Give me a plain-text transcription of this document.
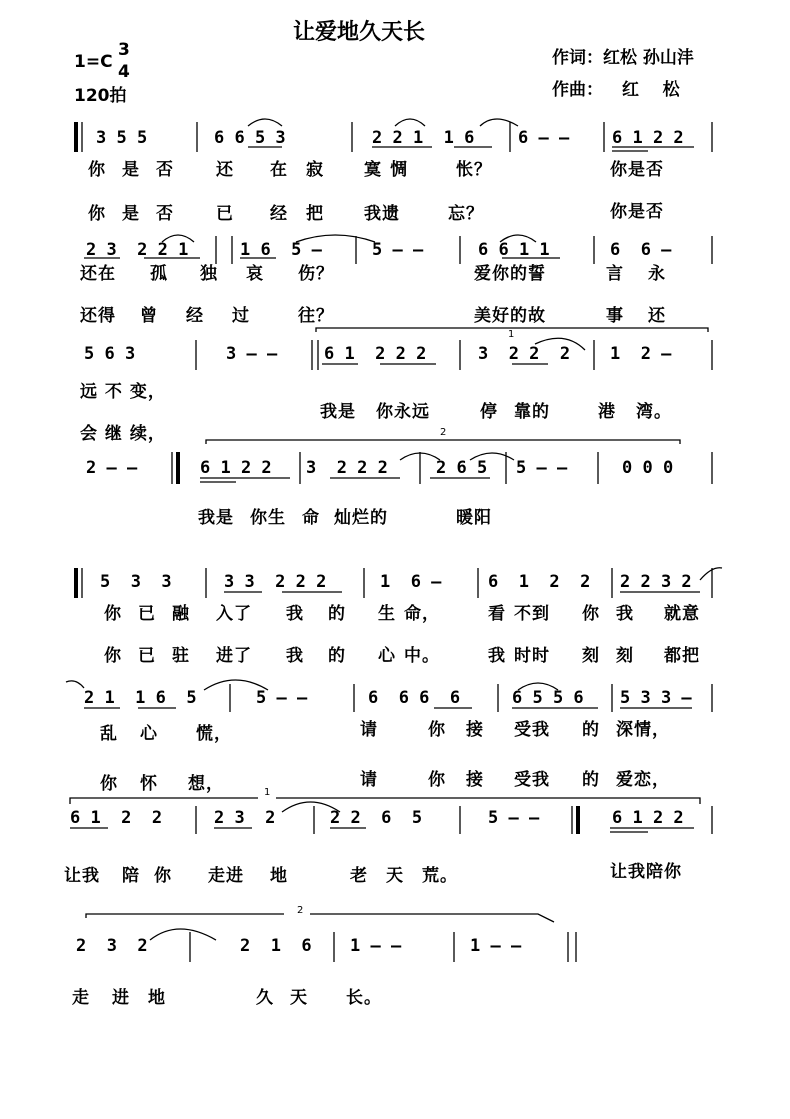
让爱地久天长
1=C
3
4
120拍
作词：红松 孙山沣
作曲： 红    松
1
2
1
2
3 5 5	6 6 5 3	2 2 1  1 6	6 – –	6 1 2 2
你 是 否 还 在 寂 寞 惆	怅？	你是否
你 是 否 已 经 把 我遗	忘？	你是否
2 3  2 2 1	1 6  5 –	5 – –	6 6 1 1	6  6 –
还在 孤 独 哀 伤？	爱你的誓	言 永
还得 曾 经 过	往？	美好的故	事 还
5 6 3	3 – –	6 1  2 2 2	3  2 2  2 1  2 –
远 不 变，
我是 你永远	停 靠的	港 湾。
会 继 续，
2 – –	6 1 2 2 3  2 2 2	2 6 5 5 – –	0 0 0
我是 你生 命 灿烂的	暖阳
5  3  3	3 3  2 2 2	1  6 –	6  1  2  2 2 2 3 2
你 已 融 入了 我 的 生 命，	看 不到 你 我 就意
你 已 驻 进了 我 的 心 中。	我 时时 刻 刻 都把
2 1  1 6  5	5 – –	6  6 6  6	6 5 5 6 5 3 3 –
乱 心 慌，	请	你 接 受我 的 深情，
你 怀 想，	请	你 接 受我 的 爱恋，
6 1  2  2	2 3  2	2 2  6  5	5 – –	6 1 2 2
让我 陪 你 走进 地	老 天 荒。	让我陪你
2  3  2	2  1  6 1 – –	1 – –
走 进 地	久 天 长。
